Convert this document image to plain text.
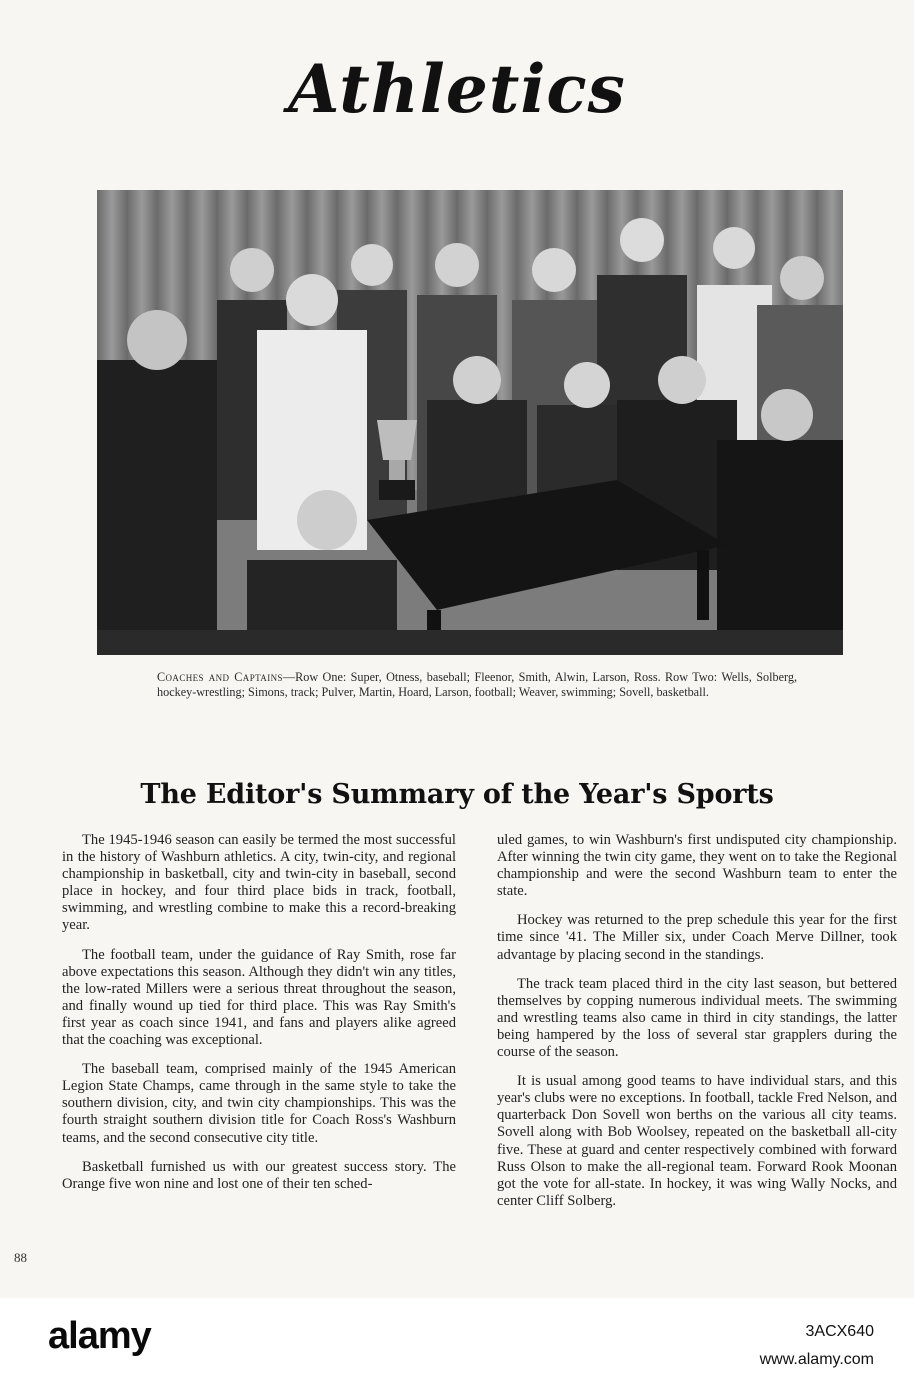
Athletics
Coaches and Captains—Row One: Super, Otness, baseball; Fleenor, Smith, Alwin, Larson, Ross. Row Two: Wells, Solberg, hockey-wrestling; Simons, track; Pulver, Martin, Hoard, Larson, football; Weaver, swimming; Sovell, basketball.
The Editor's Summary of the Year's Sports

The 1945-1946 season can easily be termed the most successful in the history of Washburn athletics. A city, twin-city, and regional championship in basketball, city and twin-city in baseball, second place in hockey, and four third place bids in track, football, swimming, and wrestling combine to make this a record-breaking year.

The football team, under the guidance of Ray Smith, rose far above expectations this season. Although they didn't win any titles, the low-rated Millers were a serious threat throughout the season, and finally wound up tied for third place. This was Ray Smith's first year as coach since 1941, and fans and players alike agreed that the coaching was exceptional.

The baseball team, comprised mainly of the 1945 American Legion State Champs, came through in the same style to take the southern division, city, and twin city championships. This was the fourth straight southern division title for Coach Ross's Washburn teams, and the second consecutive city title.

Basketball furnished us with our greatest success story. The Orange five won nine and lost one of their ten sched-

uled games, to win Washburn's first undisputed city championship. After winning the twin city game, they went on to take the Regional championship and were the second Washburn team to enter the state.

Hockey was returned to the prep schedule this year for the first time since '41. The Miller six, under Coach Merve Dillner, took advantage by placing second in the standings.

The track team placed third in the city last season, but bettered themselves by copping numerous individual meets. The swimming and wrestling teams also came in third in city standings, the latter being hampered by the loss of several star grapplers during the course of the season.

It is usual among good teams to have individual stars, and this year's clubs were no exceptions. In football, tackle Fred Nelson, and quarterback Don Sovell won berths on the various all city teams. Sovell along with Bob Woolsey, repeated on the basketball all-city five. These at guard and center respectively combined with forward Russ Olson to make the all-regional team. Forward Rook Moonan got the vote for all-state. In hockey, it was wing Wally Nocks, and center Cliff Solberg.

88
alamy	3ACX640
www.alamy.com
